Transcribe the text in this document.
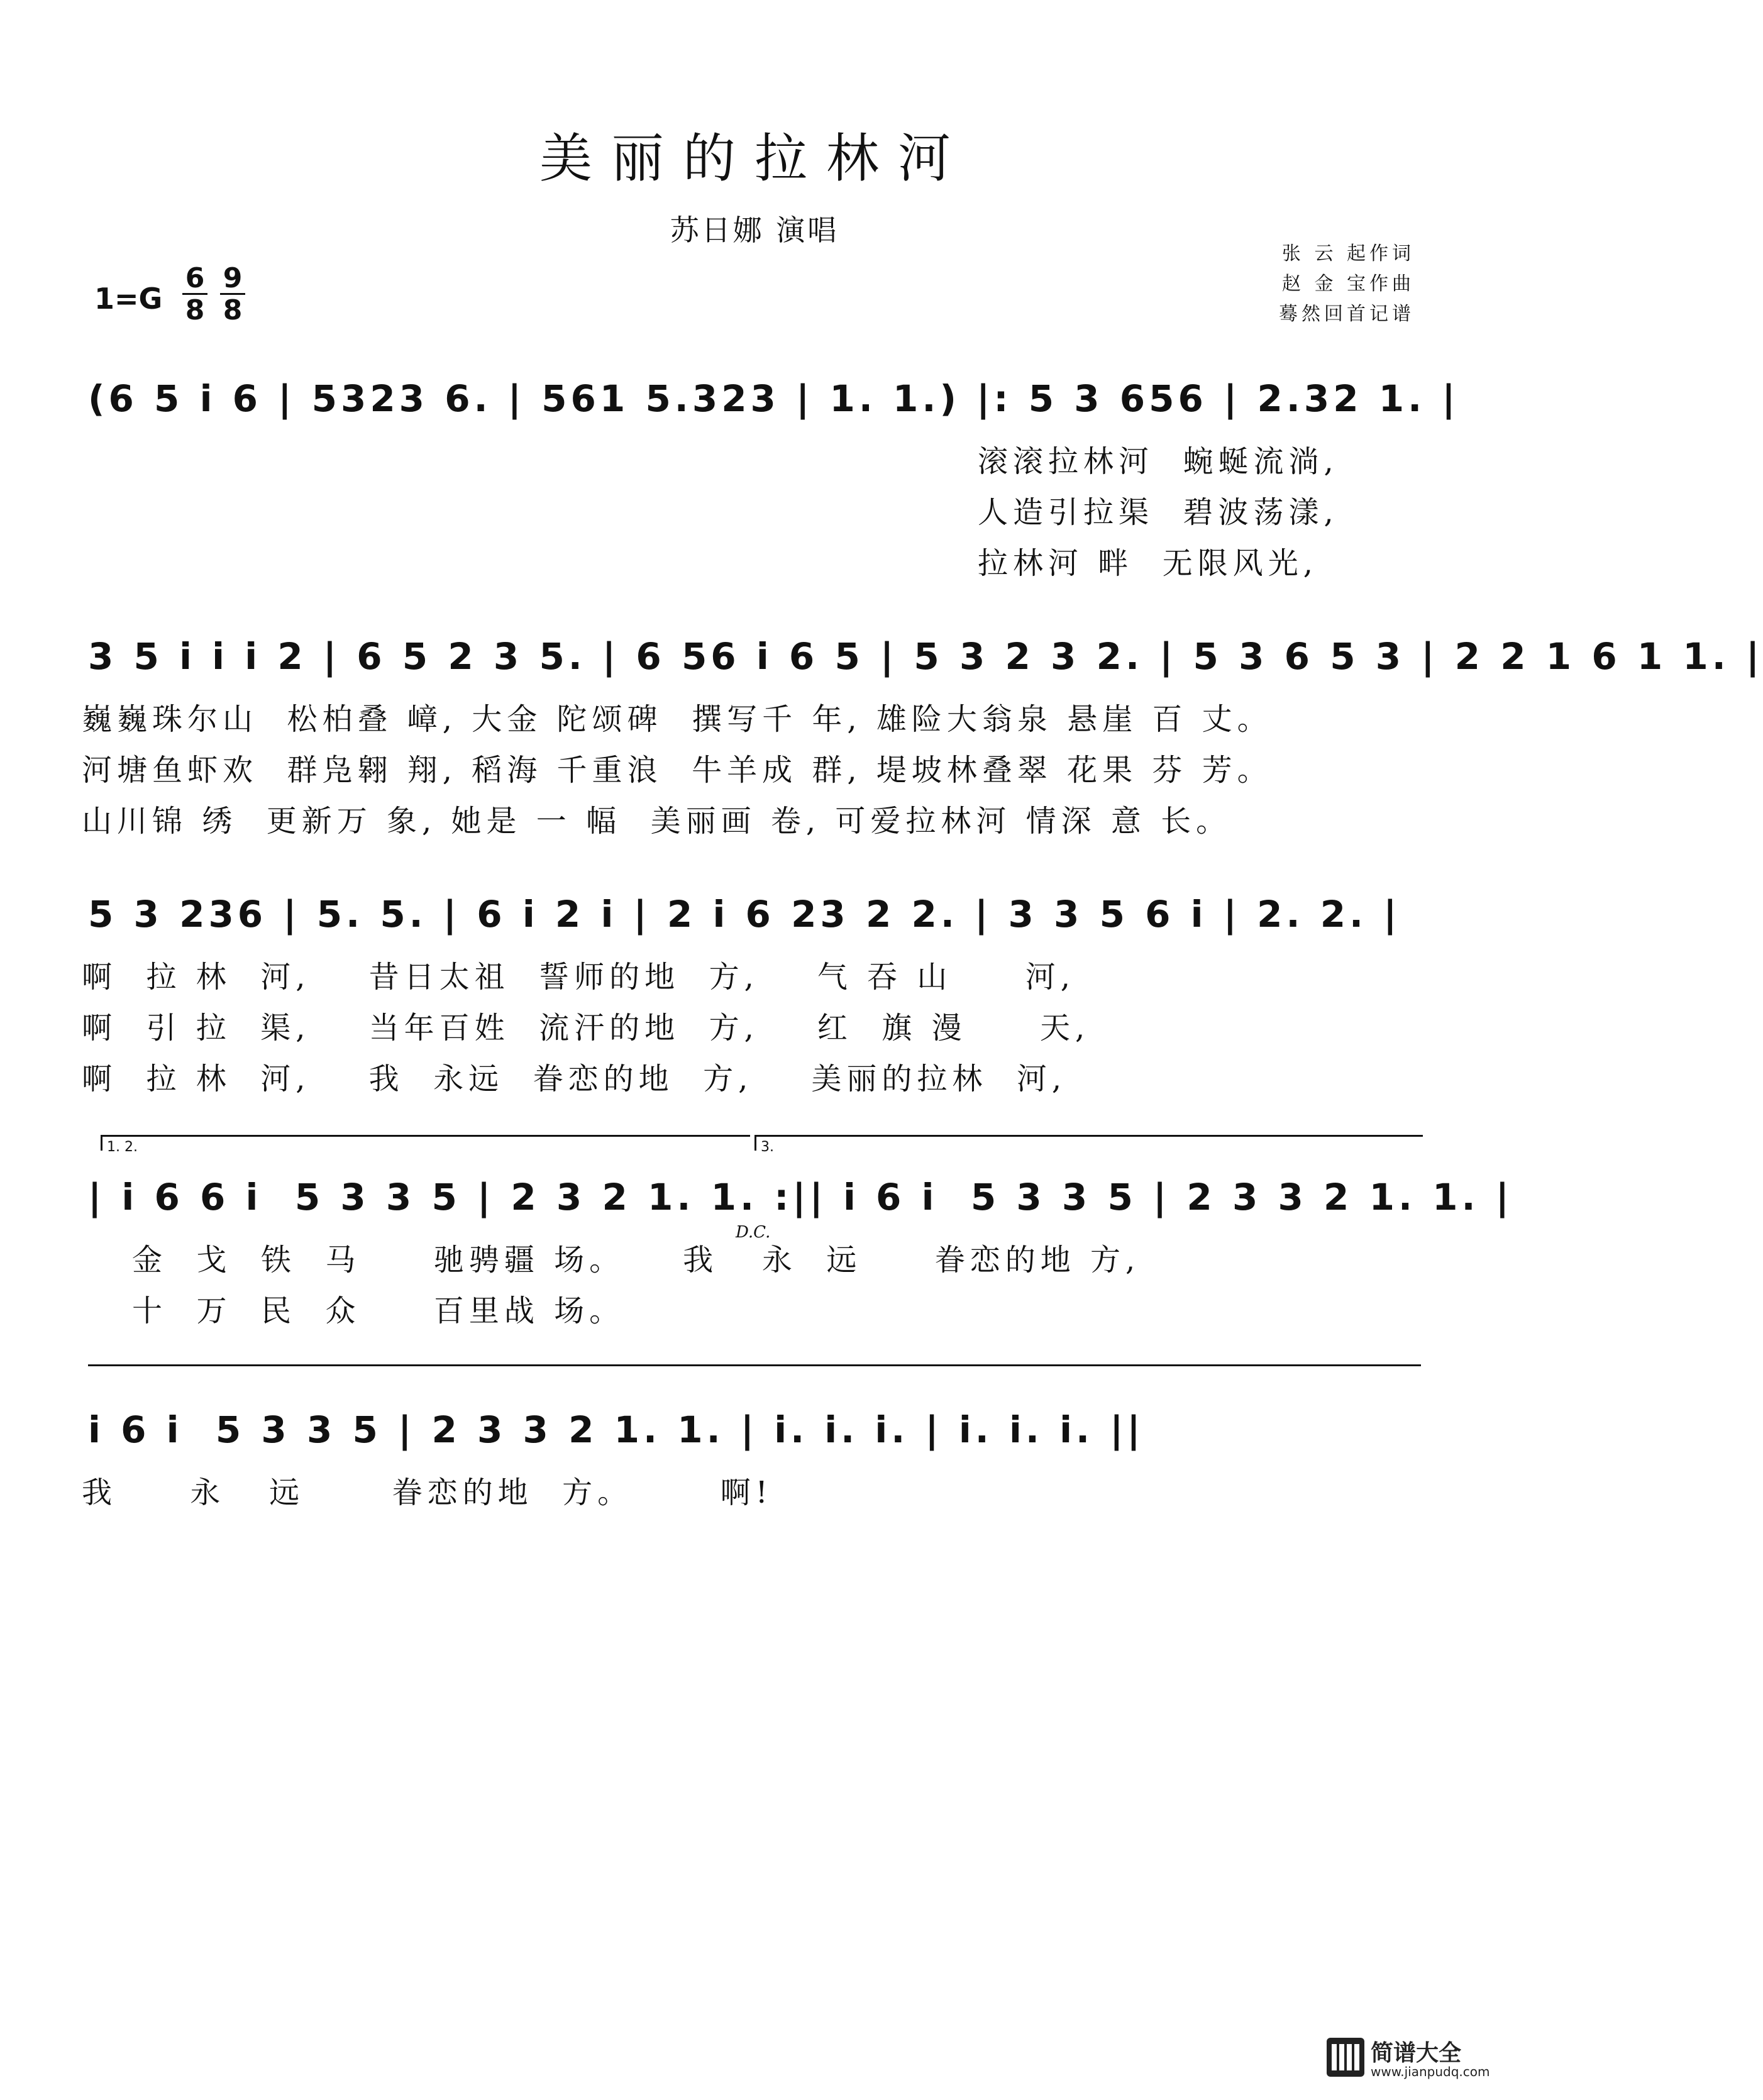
美丽的拉林河
苏日娜 演唱
张 云 起作词
赵 金 宝作曲
蓦然回首记谱
$1=G \frac{6}{8} \frac{9}{8}$
(6 5 i 6 | 5323 6. | 561 5.323 | 1. 1.) |: 5 3 656 | 2.32 1. |
滚滚拉林河  蜿蜒流淌,
人造引拉渠  碧波荡漾,
拉林河 畔  无限风光,
3 5 i i i 2 | 6 5 2 3 5. | 6 56 i 6 5 | 5 3 2 3 2. | 5 3 6 5 3 | 2 2 1 6 1 1. |
巍巍珠尔山  松柏叠 嶂, 大金 陀颂碑  撰写千 年, 雄险大翁泉 悬崖 百 丈。
河塘鱼虾欢  群凫翱 翔, 稻海 千重浪  牛羊成 群, 堤坡林叠翠 花果 芬 芳。
山川锦 绣  更新万 象, 她是 一 幅  美丽画 卷, 可爱拉林河 情深 意 长。
5 3 236 | 5. 5. | 6 i 2 i | 2 i 6 23 2 2. | 3 3 5 6 i | 2. 2. |
啊  拉 林  河,    昔日太祖  誓师的地  方,    气 吞 山     河,
啊  引 拉  渠,    当年百姓  流汗的地  方,    红  旗 漫     天,
啊  拉 林  河,    我  永远  眷恋的地  方,    美丽的拉林  河,
1. 2.	3.
| i 6 6 i  5 3 3 5 | 2 3 2 1. 1. :|| i 6 i  5 3 3 5 | 2 3 3 2 1. 1. |
D.C.
金  戈  铁  马     驰骋疆 场。    我   永  远     眷恋的地 方,
十  万  民  众     百里战 场。
i 6 i  5 3 3 5 | 2 3 3 2 1. 1. | i. i. i. | i. i. i. ||
我     永   远      眷恋的地  方。      啊!
简谱大全
www.jianpudq.com
